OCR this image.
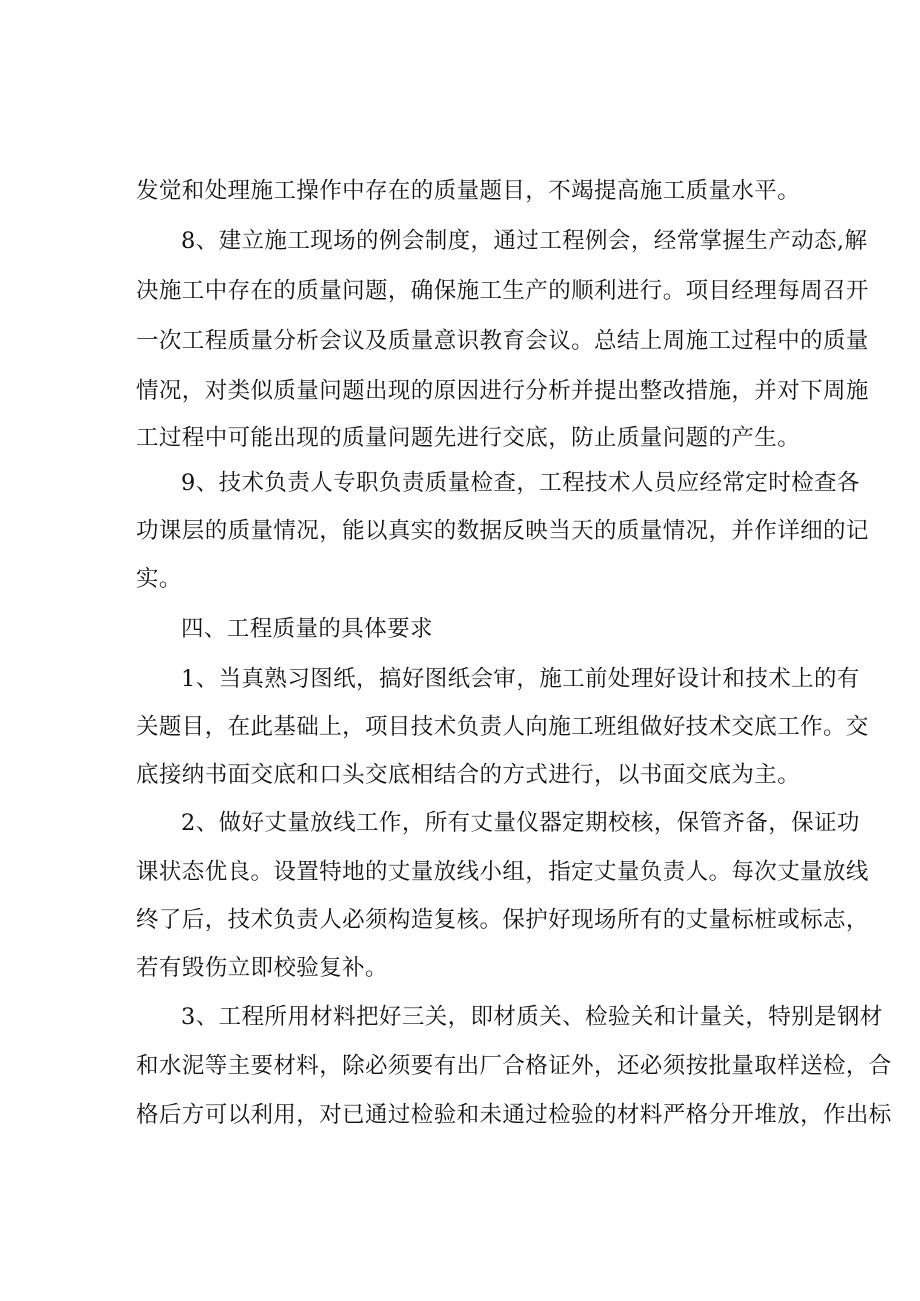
发觉和处理施工操作中存在的质量题目，不竭提高施工质量水平。
8、建立施工现场的例会制度，通过工程例会，经常掌握生产动态,解
决施工中存在的质量问题，确保施工生产的顺利进行。项目经理每周召开
一次工程质量分析会议及质量意识教育会议。总结上周施工过程中的质量
情况，对类似质量问题出现的原因进行分析并提出整改措施，并对下周施
工过程中可能出现的质量问题先进行交底，防止质量问题的产生。
9、技术负责人专职负责质量检查，工程技术人员应经常定时检查各
功课层的质量情况，能以真实的数据反映当天的质量情况，并作详细的记
实。
四、工程质量的具体要求
1、当真熟习图纸，搞好图纸会审，施工前处理好设计和技术上的有
关题目，在此基础上，项目技术负责人向施工班组做好技术交底工作。交
底接纳书面交底和口头交底相结合的方式进行，以书面交底为主。
2、做好丈量放线工作，所有丈量仪器定期校核，保管齐备，保证功
课状态优良。设置特地的丈量放线小组，指定丈量负责人。每次丈量放线
终了后，技术负责人必须构造复核。保护好现场所有的丈量标桩或标志，
若有毁伤立即校验复补。
3、工程所用材料把好三关，即材质关、检验关和计量关，特别是钢材
和水泥等主要材料，除必须要有出厂合格证外，还必须按批量取样送检，合
格后方可以利用，对已通过检验和未通过检验的材料严格分开堆放，作出标
